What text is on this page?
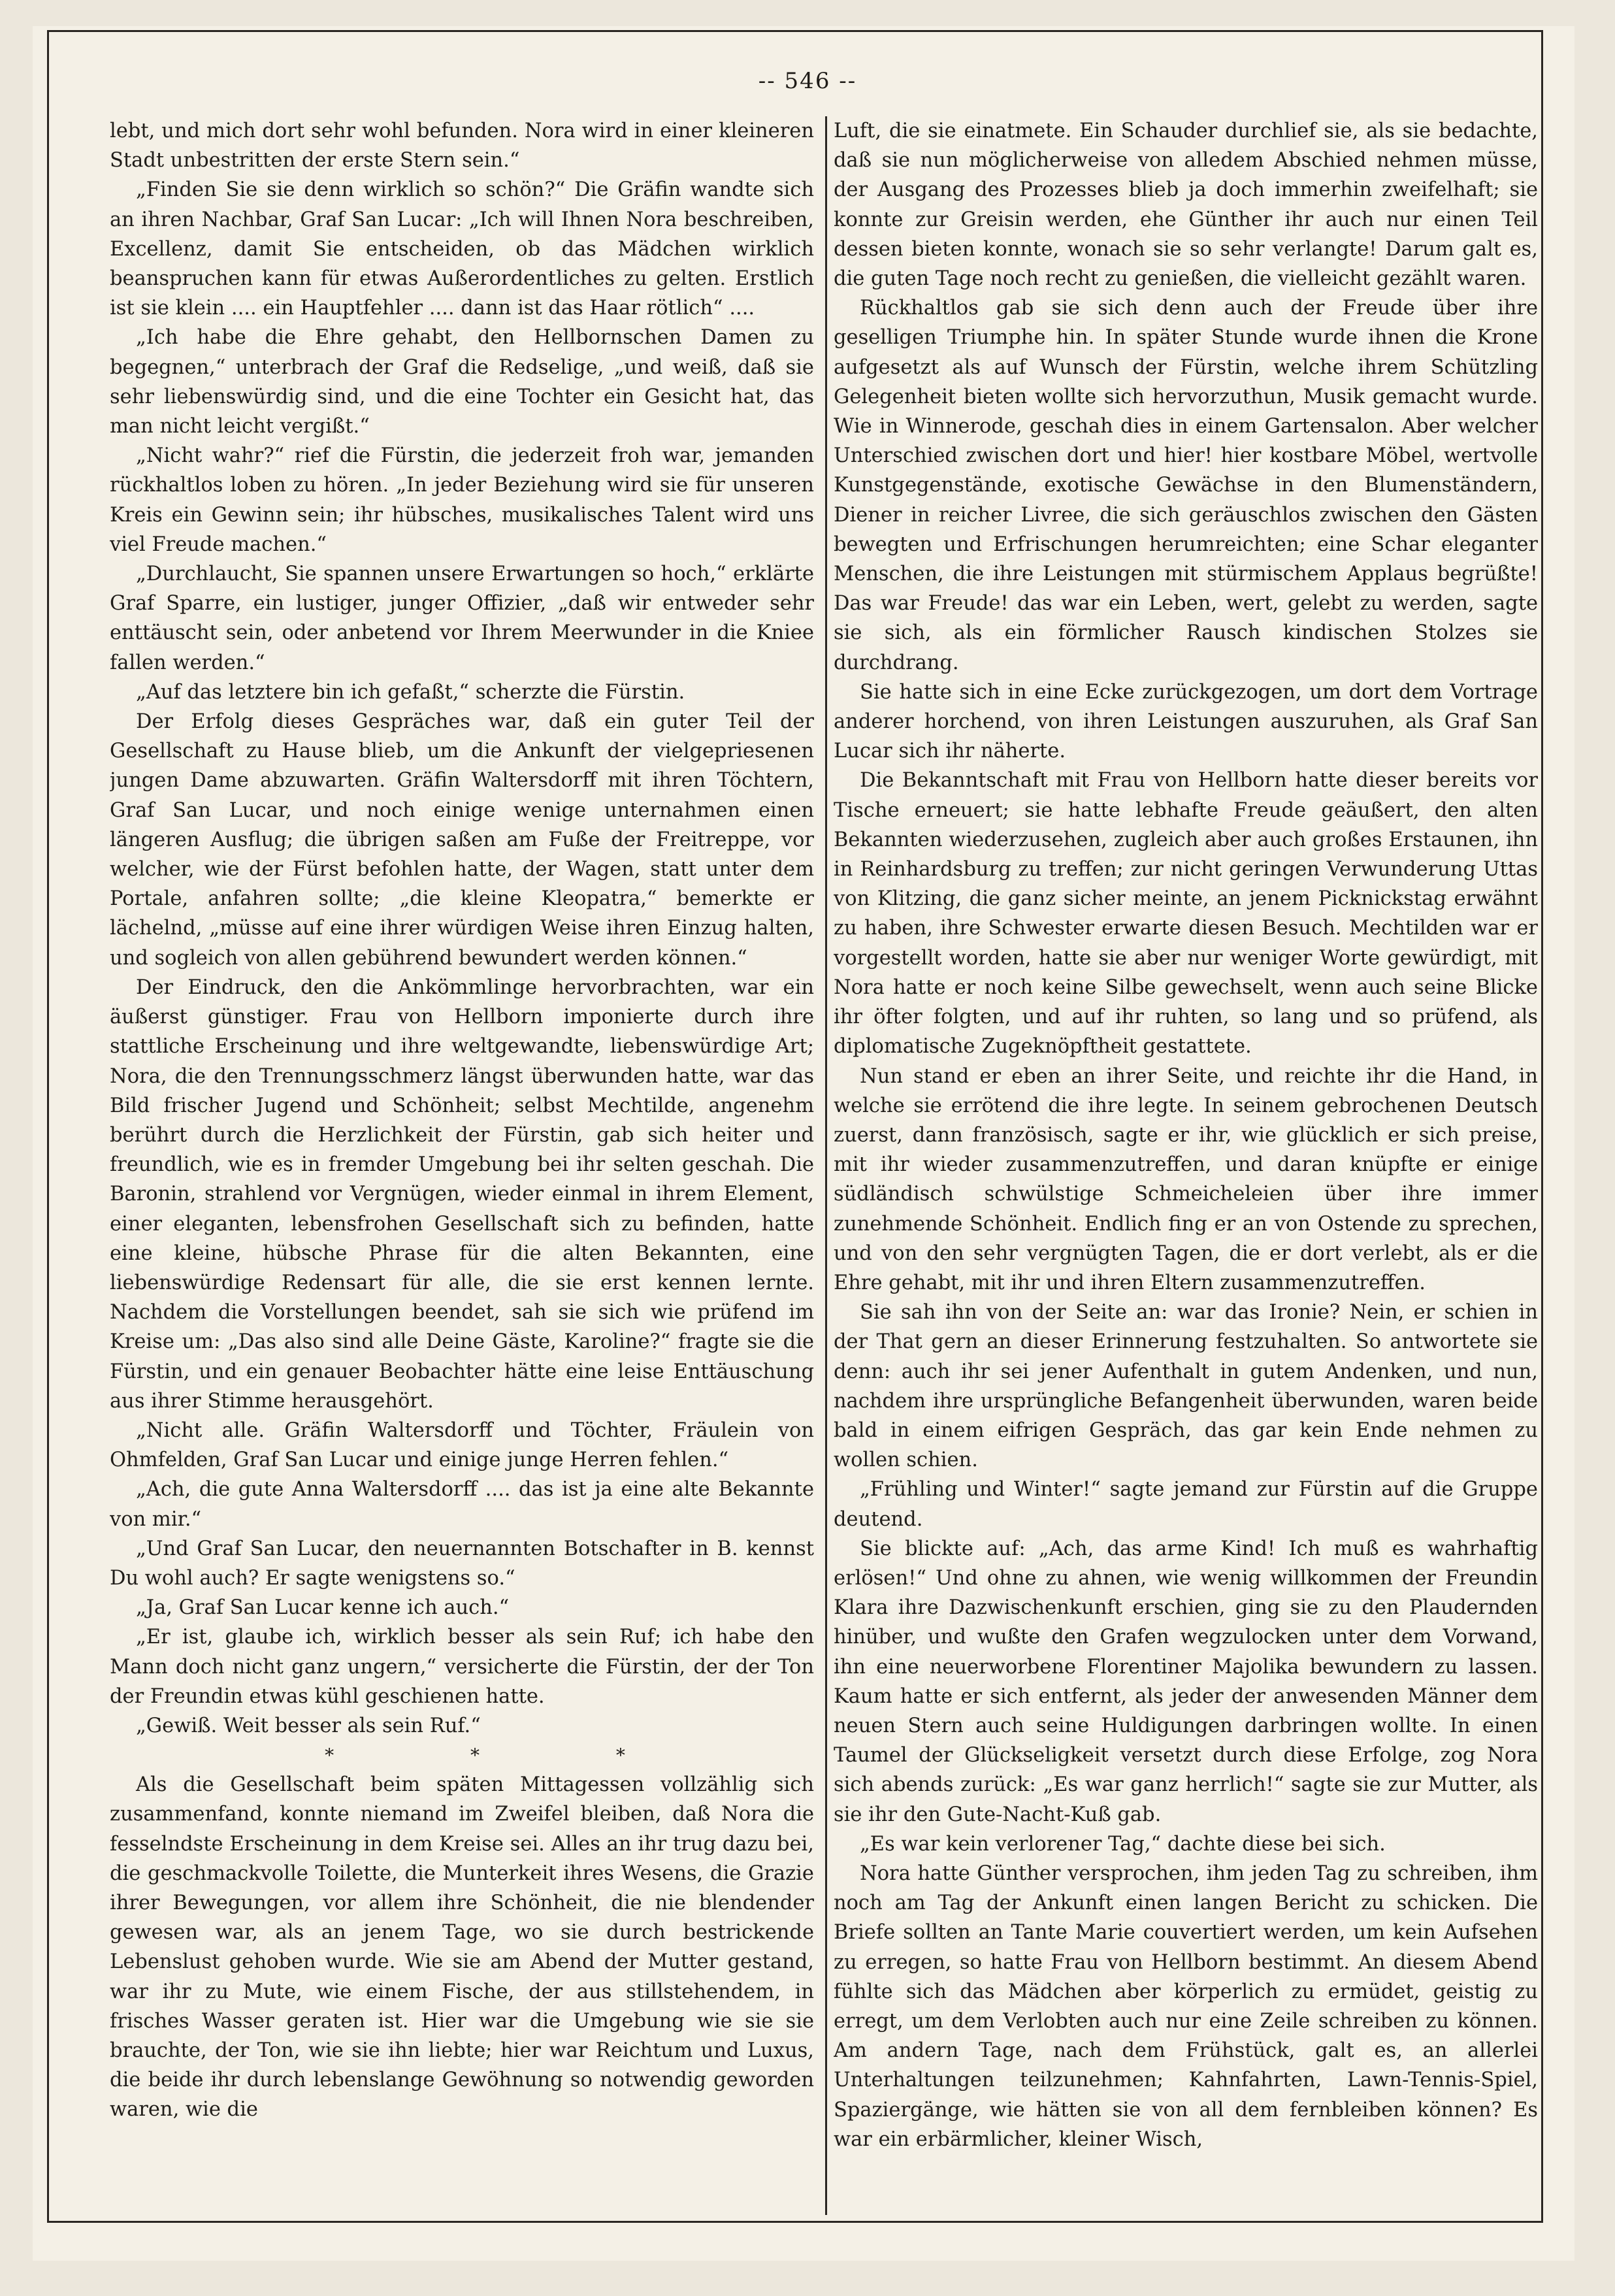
-- 546 --

lebt, und mich dort sehr wohl befunden. Nora wird in einer kleineren Stadt unbestritten der erste Stern sein.“

„Finden Sie sie denn wirklich so schön?“ Die Gräfin wandte sich an ihren Nachbar, Graf San Lucar: „Ich will Ihnen Nora beschreiben, Excellenz, damit Sie entscheiden, ob das Mädchen wirklich beanspruchen kann für etwas Außerordentliches zu gelten. Erstlich ist sie klein .... ein Hauptfehler .... dann ist das Haar rötlich“ ....

„Ich habe die Ehre gehabt, den Hellbornschen Damen zu begegnen,“ unterbrach der Graf die Redselige, „und weiß, daß sie sehr liebenswürdig sind, und die eine Tochter ein Gesicht hat, das man nicht leicht vergißt.“

„Nicht wahr?“ rief die Fürstin, die jederzeit froh war, jemanden rückhaltlos loben zu hören. „In jeder Beziehung wird sie für unseren Kreis ein Gewinn sein; ihr hübsches, musikalisches Talent wird uns viel Freude machen.“

„Durchlaucht, Sie spannen unsere Erwartungen so hoch,“ erklärte Graf Sparre, ein lustiger, junger Offizier, „daß wir entweder sehr enttäuscht sein, oder anbetend vor Ihrem Meerwunder in die Kniee fallen werden.“

„Auf das letztere bin ich gefaßt,“ scherzte die Fürstin.

Der Erfolg dieses Gespräches war, daß ein guter Teil der Gesellschaft zu Hause blieb, um die Ankunft der vielgepriesenen jungen Dame abzuwarten. Gräfin Waltersdorff mit ihren Töchtern, Graf San Lucar, und noch einige wenige unternahmen einen längeren Ausflug; die übrigen saßen am Fuße der Freitreppe, vor welcher, wie der Fürst befohlen hatte, der Wagen, statt unter dem Portale, anfahren sollte; „die kleine Kleopatra,“ bemerkte er lächelnd, „müsse auf eine ihrer würdigen Weise ihren Einzug halten, und sogleich von allen gebührend bewundert werden können.“

Der Eindruck, den die Ankömmlinge hervorbrachten, war ein äußerst günstiger. Frau von Hellborn imponierte durch ihre stattliche Erscheinung und ihre weltgewandte, liebenswürdige Art; Nora, die den Trennungsschmerz längst überwunden hatte, war das Bild frischer Jugend und Schönheit; selbst Mechtilde, angenehm berührt durch die Herzlichkeit der Fürstin, gab sich heiter und freundlich, wie es in fremder Umgebung bei ihr selten geschah. Die Baronin, strahlend vor Vergnügen, wieder einmal in ihrem Element, einer eleganten, lebensfrohen Gesellschaft sich zu befinden, hatte eine kleine, hübsche Phrase für die alten Bekannten, eine liebenswürdige Redensart für alle, die sie erst kennen lernte. Nachdem die Vorstellungen beendet, sah sie sich wie prüfend im Kreise um: „Das also sind alle Deine Gäste, Karoline?“ fragte sie die Fürstin, und ein genauer Beobachter hätte eine leise Enttäuschung aus ihrer Stimme herausgehört.

„Nicht alle. Gräfin Waltersdorff und Töchter, Fräulein von Ohmfelden, Graf San Lucar und einige junge Herren fehlen.“

„Ach, die gute Anna Waltersdorff .... das ist ja eine alte Bekannte von mir.“

„Und Graf San Lucar, den neuernannten Botschafter in B. kennst Du wohl auch? Er sagte wenigstens so.“

„Ja, Graf San Lucar kenne ich auch.“

„Er ist, glaube ich, wirklich besser als sein Ruf; ich habe den Mann doch nicht ganz ungern,“ versicherte die Fürstin, der der Ton der Freundin etwas kühl geschienen hatte.

„Gewiß. Weit besser als sein Ruf.“

* * *

Als die Gesellschaft beim späten Mittagessen vollzählig sich zusammenfand, konnte niemand im Zweifel bleiben, daß Nora die fesselndste Erscheinung in dem Kreise sei. Alles an ihr trug dazu bei, die geschmackvolle Toilette, die Munterkeit ihres Wesens, die Grazie ihrer Bewegungen, vor allem ihre Schönheit, die nie blendender gewesen war, als an jenem Tage, wo sie durch bestrickende Lebenslust gehoben wurde. Wie sie am Abend der Mutter gestand, war ihr zu Mute, wie einem Fische, der aus stillstehendem, in frisches Wasser geraten ist. Hier war die Umgebung wie sie sie brauchte, der Ton, wie sie ihn liebte; hier war Reichtum und Luxus, die beide ihr durch lebenslange Gewöhnung so notwendig geworden waren, wie die

Luft, die sie einatmete. Ein Schauder durchlief sie, als sie bedachte, daß sie nun möglicherweise von alledem Abschied nehmen müsse, der Ausgang des Prozesses blieb ja doch immerhin zweifelhaft; sie konnte zur Greisin werden, ehe Günther ihr auch nur einen Teil dessen bieten konnte, wonach sie so sehr verlangte! Darum galt es, die guten Tage noch recht zu genießen, die vielleicht gezählt waren.

Rückhaltlos gab sie sich denn auch der Freude über ihre geselligen Triumphe hin. In später Stunde wurde ihnen die Krone aufgesetzt als auf Wunsch der Fürstin, welche ihrem Schützling Gelegenheit bieten wollte sich hervorzuthun, Musik gemacht wurde. Wie in Winnerode, geschah dies in einem Gartensalon. Aber welcher Unterschied zwischen dort und hier! hier kostbare Möbel, wertvolle Kunstgegenstände, exotische Gewächse in den Blumenständern, Diener in reicher Livree, die sich geräuschlos zwischen den Gästen bewegten und Erfrischungen herumreichten; eine Schar eleganter Menschen, die ihre Leistungen mit stürmischem Applaus begrüßte! Das war Freude! das war ein Leben, wert, gelebt zu werden, sagte sie sich, als ein förmlicher Rausch kindischen Stolzes sie durchdrang.

Sie hatte sich in eine Ecke zurückgezogen, um dort dem Vortrage anderer horchend, von ihren Leistungen auszuruhen, als Graf San Lucar sich ihr näherte.

Die Bekanntschaft mit Frau von Hellborn hatte dieser bereits vor Tische erneuert; sie hatte lebhafte Freude geäußert, den alten Bekannten wiederzusehen, zugleich aber auch großes Erstaunen, ihn in Reinhardsburg zu treffen; zur nicht geringen Verwunderung Uttas von Klitzing, die ganz sicher meinte, an jenem Picknickstag erwähnt zu haben, ihre Schwester erwarte diesen Besuch. Mechtilden war er vorgestellt worden, hatte sie aber nur weniger Worte gewürdigt, mit Nora hatte er noch keine Silbe gewechselt, wenn auch seine Blicke ihr öfter folgten, und auf ihr ruhten, so lang und so prüfend, als diplomatische Zugeknöpftheit gestattete.

Nun stand er eben an ihrer Seite, und reichte ihr die Hand, in welche sie errötend die ihre legte. In seinem gebrochenen Deutsch zuerst, dann französisch, sagte er ihr, wie glücklich er sich preise, mit ihr wieder zusammenzutreffen, und daran knüpfte er einige südländisch schwülstige Schmeicheleien über ihre immer zunehmende Schönheit. Endlich fing er an von Ostende zu sprechen, und von den sehr vergnügten Tagen, die er dort verlebt, als er die Ehre gehabt, mit ihr und ihren Eltern zusammenzutreffen.

Sie sah ihn von der Seite an: war das Ironie? Nein, er schien in der That gern an dieser Erinnerung festzuhalten. So antwortete sie denn: auch ihr sei jener Aufenthalt in gutem Andenken, und nun, nachdem ihre ursprüngliche Befangenheit überwunden, waren beide bald in einem eifrigen Gespräch, das gar kein Ende nehmen zu wollen schien.

„Frühling und Winter!“ sagte jemand zur Fürstin auf die Gruppe deutend.

Sie blickte auf: „Ach, das arme Kind! Ich muß es wahrhaftig erlösen!“ Und ohne zu ahnen, wie wenig willkommen der Freundin Klara ihre Dazwischenkunft erschien, ging sie zu den Plaudernden hinüber, und wußte den Grafen wegzulocken unter dem Vorwand, ihn eine neuerworbene Florentiner Majolika bewundern zu lassen. Kaum hatte er sich entfernt, als jeder der anwesenden Männer dem neuen Stern auch seine Huldigungen darbringen wollte. In einen Taumel der Glückseligkeit versetzt durch diese Erfolge, zog Nora sich abends zurück: „Es war ganz herrlich!“ sagte sie zur Mutter, als sie ihr den Gute-Nacht-Kuß gab.

„Es war kein verlorener Tag,“ dachte diese bei sich.

Nora hatte Günther versprochen, ihm jeden Tag zu schreiben, ihm noch am Tag der Ankunft einen langen Bericht zu schicken. Die Briefe sollten an Tante Marie couvertiert werden, um kein Aufsehen zu erregen, so hatte Frau von Hellborn bestimmt. An diesem Abend fühlte sich das Mädchen aber körperlich zu ermüdet, geistig zu erregt, um dem Verlobten auch nur eine Zeile schreiben zu können. Am andern Tage, nach dem Frühstück, galt es, an allerlei Unterhaltungen teilzunehmen; Kahnfahrten, Lawn-Tennis-Spiel, Spaziergänge, wie hätten sie von all dem fernbleiben können? Es war ein erbärmlicher, kleiner Wisch,
